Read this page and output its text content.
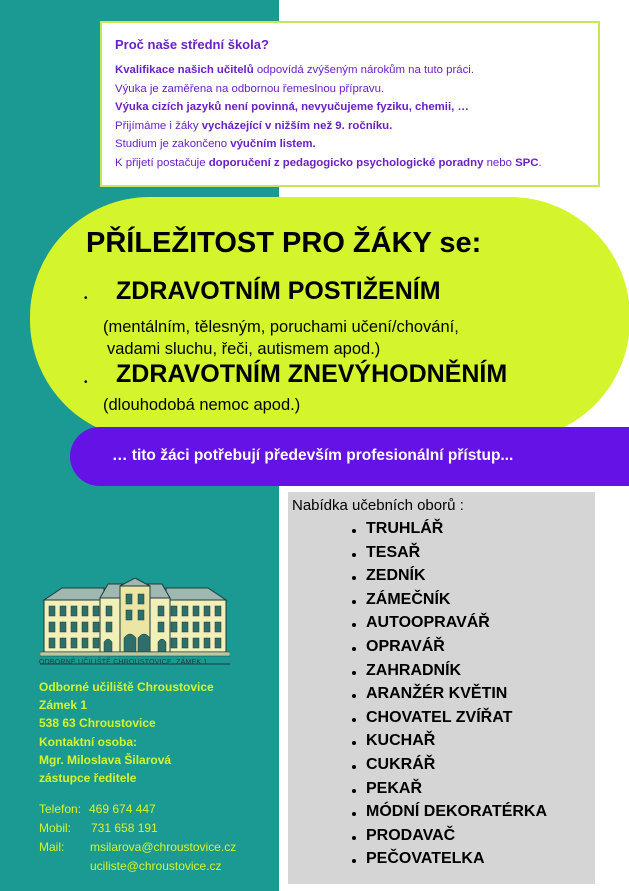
Proč naše střední škola?
Kvalifikace našich učitelů odpovídá zvýšeným nárokům na tuto práci.
Výuka je zaměřena na odbornou řemeslnou přípravu.
Výuka cizích jazyků není povinná, nevyučujeme fyziku, chemii, …
Přijímáme i žáky vycházející v nižším než 9. ročníku.
Studium je zakončeno výučním listem.
K přijetí postačuje doporučení z pedagogicko psychologické poradny nebo SPC.
PŘÍLEŽITOST PRO ŽÁKY se:
• ZDRAVOTNÍM POSTIŽENÍM
(mentálním, tělesným, poruchami učení/chování,
vadami sluchu, řeči, autismem apod.)
• ZDRAVOTNÍM ZNEVÝHODNĚNÍM
(dlouhodobá nemoc apod.)
… tito žáci potřebují především profesionální přístup...
Nabídka učebních oborů :
TRUHLÁŘ
TESAŘ
ZEDNÍK
ZÁMEČNÍK
AUTOOPRAVÁŘ
OPRAVÁŘ
ZAHRADNÍK
ARANŽÉR KVĚTIN
CHOVATEL ZVÍŘAT
KUCHAŘ
CUKRÁŘ
PEKAŘ
MÓDNÍ DEKORATÉRKA
PRODAVAČ
PEČOVATELKA
ODBORNÉ UČILIŠTĚ CHROUSTOVICE, ZÁMEK 1
Odborné učiliště Chroustovice
Zámek 1
538 63 Chroustovice
Kontaktní osoba:
Mgr. Miloslava Šilarová
zástupce ředitele
Telefon: 469 674 447
Mobil: 731 658 191
Mail: msilarova@chroustovice.cz
uciliste@chroustovice.cz
